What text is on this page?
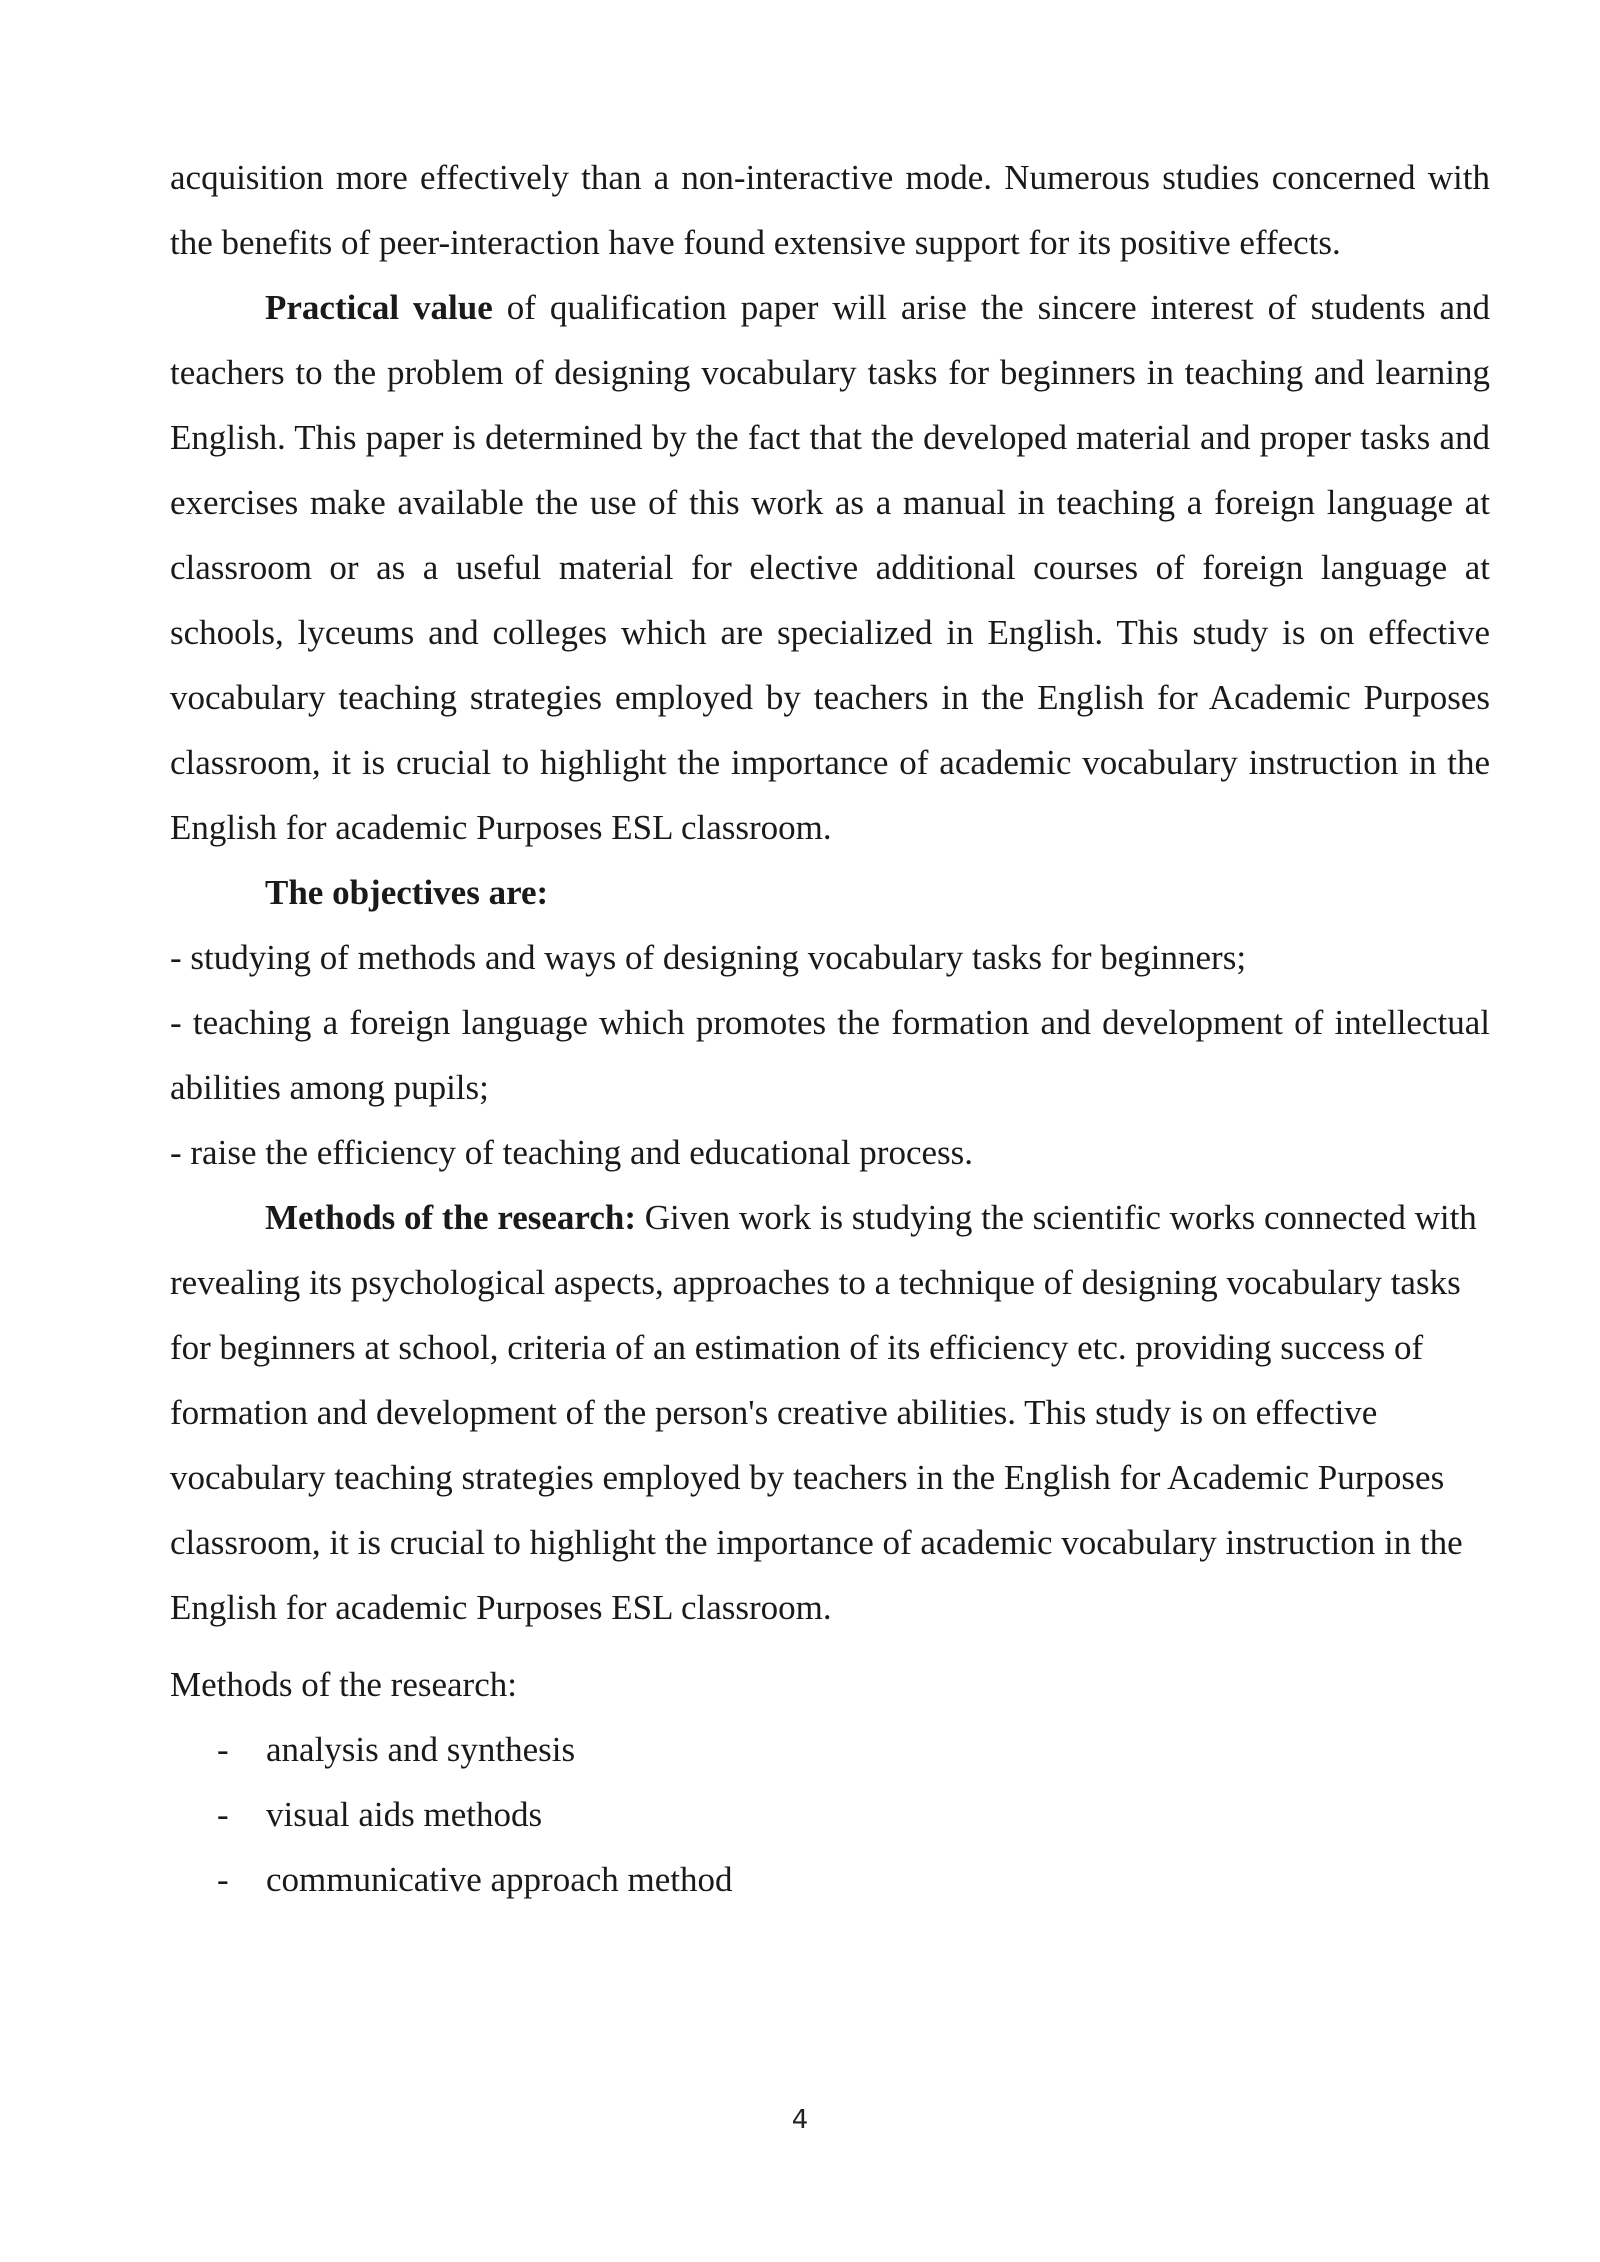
acquisition more effectively than a non-interactive mode. Numerous studies concerned with the benefits of peer-interaction have found extensive support for its positive effects.

Practical value of qualification paper will arise the sincere interest of students and teachers to the problem of designing vocabulary tasks for beginners in teaching and learning English. This paper is determined by the fact that the developed material and proper tasks and exercises make available the use of this work as a manual in teaching a foreign language at classroom or as a useful material for elective additional courses of foreign language at schools, lyceums and colleges which are specialized in English. This study is on effective vocabulary teaching strategies employed by teachers in the English for Academic Purposes classroom, it is crucial to highlight the importance of academic vocabulary instruction in the English for academic Purposes ESL classroom.

The objectives are:

- studying of methods and ways of designing vocabulary tasks for beginners;

- teaching a foreign language which promotes the formation and development of intellectual abilities among pupils;

- raise the efficiency of teaching and educational process.

Methods of the research: Given work is studying the scientific works connected with revealing its psychological aspects, approaches to a technique of designing vocabulary tasks for beginners at school, criteria of an estimation of its efficiency etc. providing success of formation and development of the person's creative abilities. This study is on effective vocabulary teaching strategies employed by teachers in the English for Academic Purposes classroom, it is crucial to highlight the importance of academic vocabulary instruction in the English for academic Purposes ESL classroom.

Methods of the research:

- analysis and synthesis
- visual aids methods
- communicative approach method
4
